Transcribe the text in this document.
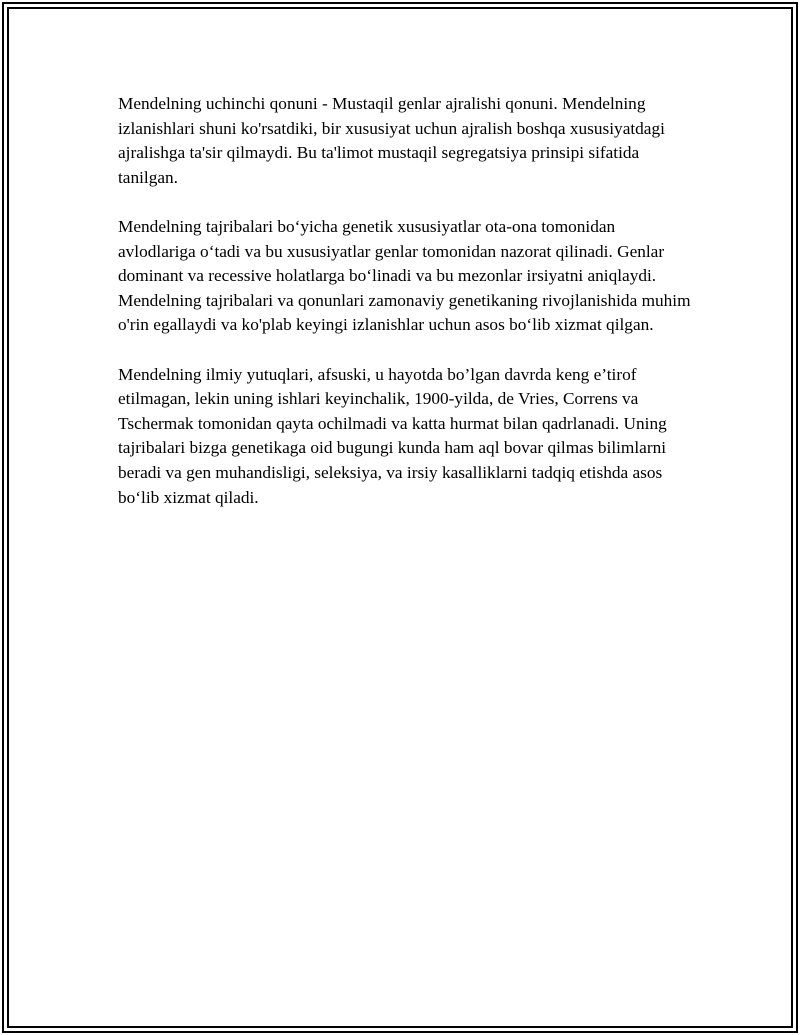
Mendelning uchinchi qonuni - Mustaqil genlar ajralishi qonuni. Mendelning izlanishlari shuni ko'rsatdiki, bir xususiyat uchun ajralish boshqa xususiyatdagi ajralishga ta'sir qilmaydi. Bu ta'limot mustaqil segregatsiya prinsipi sifatida tanilgan.

Mendelning tajribalari bo‘yicha genetik xususiyatlar ota-ona tomonidan avlodlariga o‘tadi va bu xususiyatlar genlar tomonidan nazorat qilinadi. Genlar dominant va recessive holatlarga bo‘linadi va bu mezonlar irsiyatni aniqlaydi. Mendelning tajribalari va qonunlari zamonaviy genetikaning rivojlanishida muhim o'rin egallaydi va ko'plab keyingi izlanishlar uchun asos bo‘lib xizmat qilgan.

Mendelning ilmiy yutuqlari, afsuski, u hayotda bo’lgan davrda keng e’tirof etilmagan, lekin uning ishlari keyinchalik, 1900-yilda, de Vries, Correns va Tschermak tomonidan qayta ochilmadi va katta hurmat bilan qadrlanadi. Uning tajribalari bizga genetikaga oid bugungi kunda ham aql bovar qilmas bilimlarni beradi va gen muhandisligi, seleksiya, va irsiy kasalliklarni tadqiq etishda asos bo‘lib xizmat qiladi.
